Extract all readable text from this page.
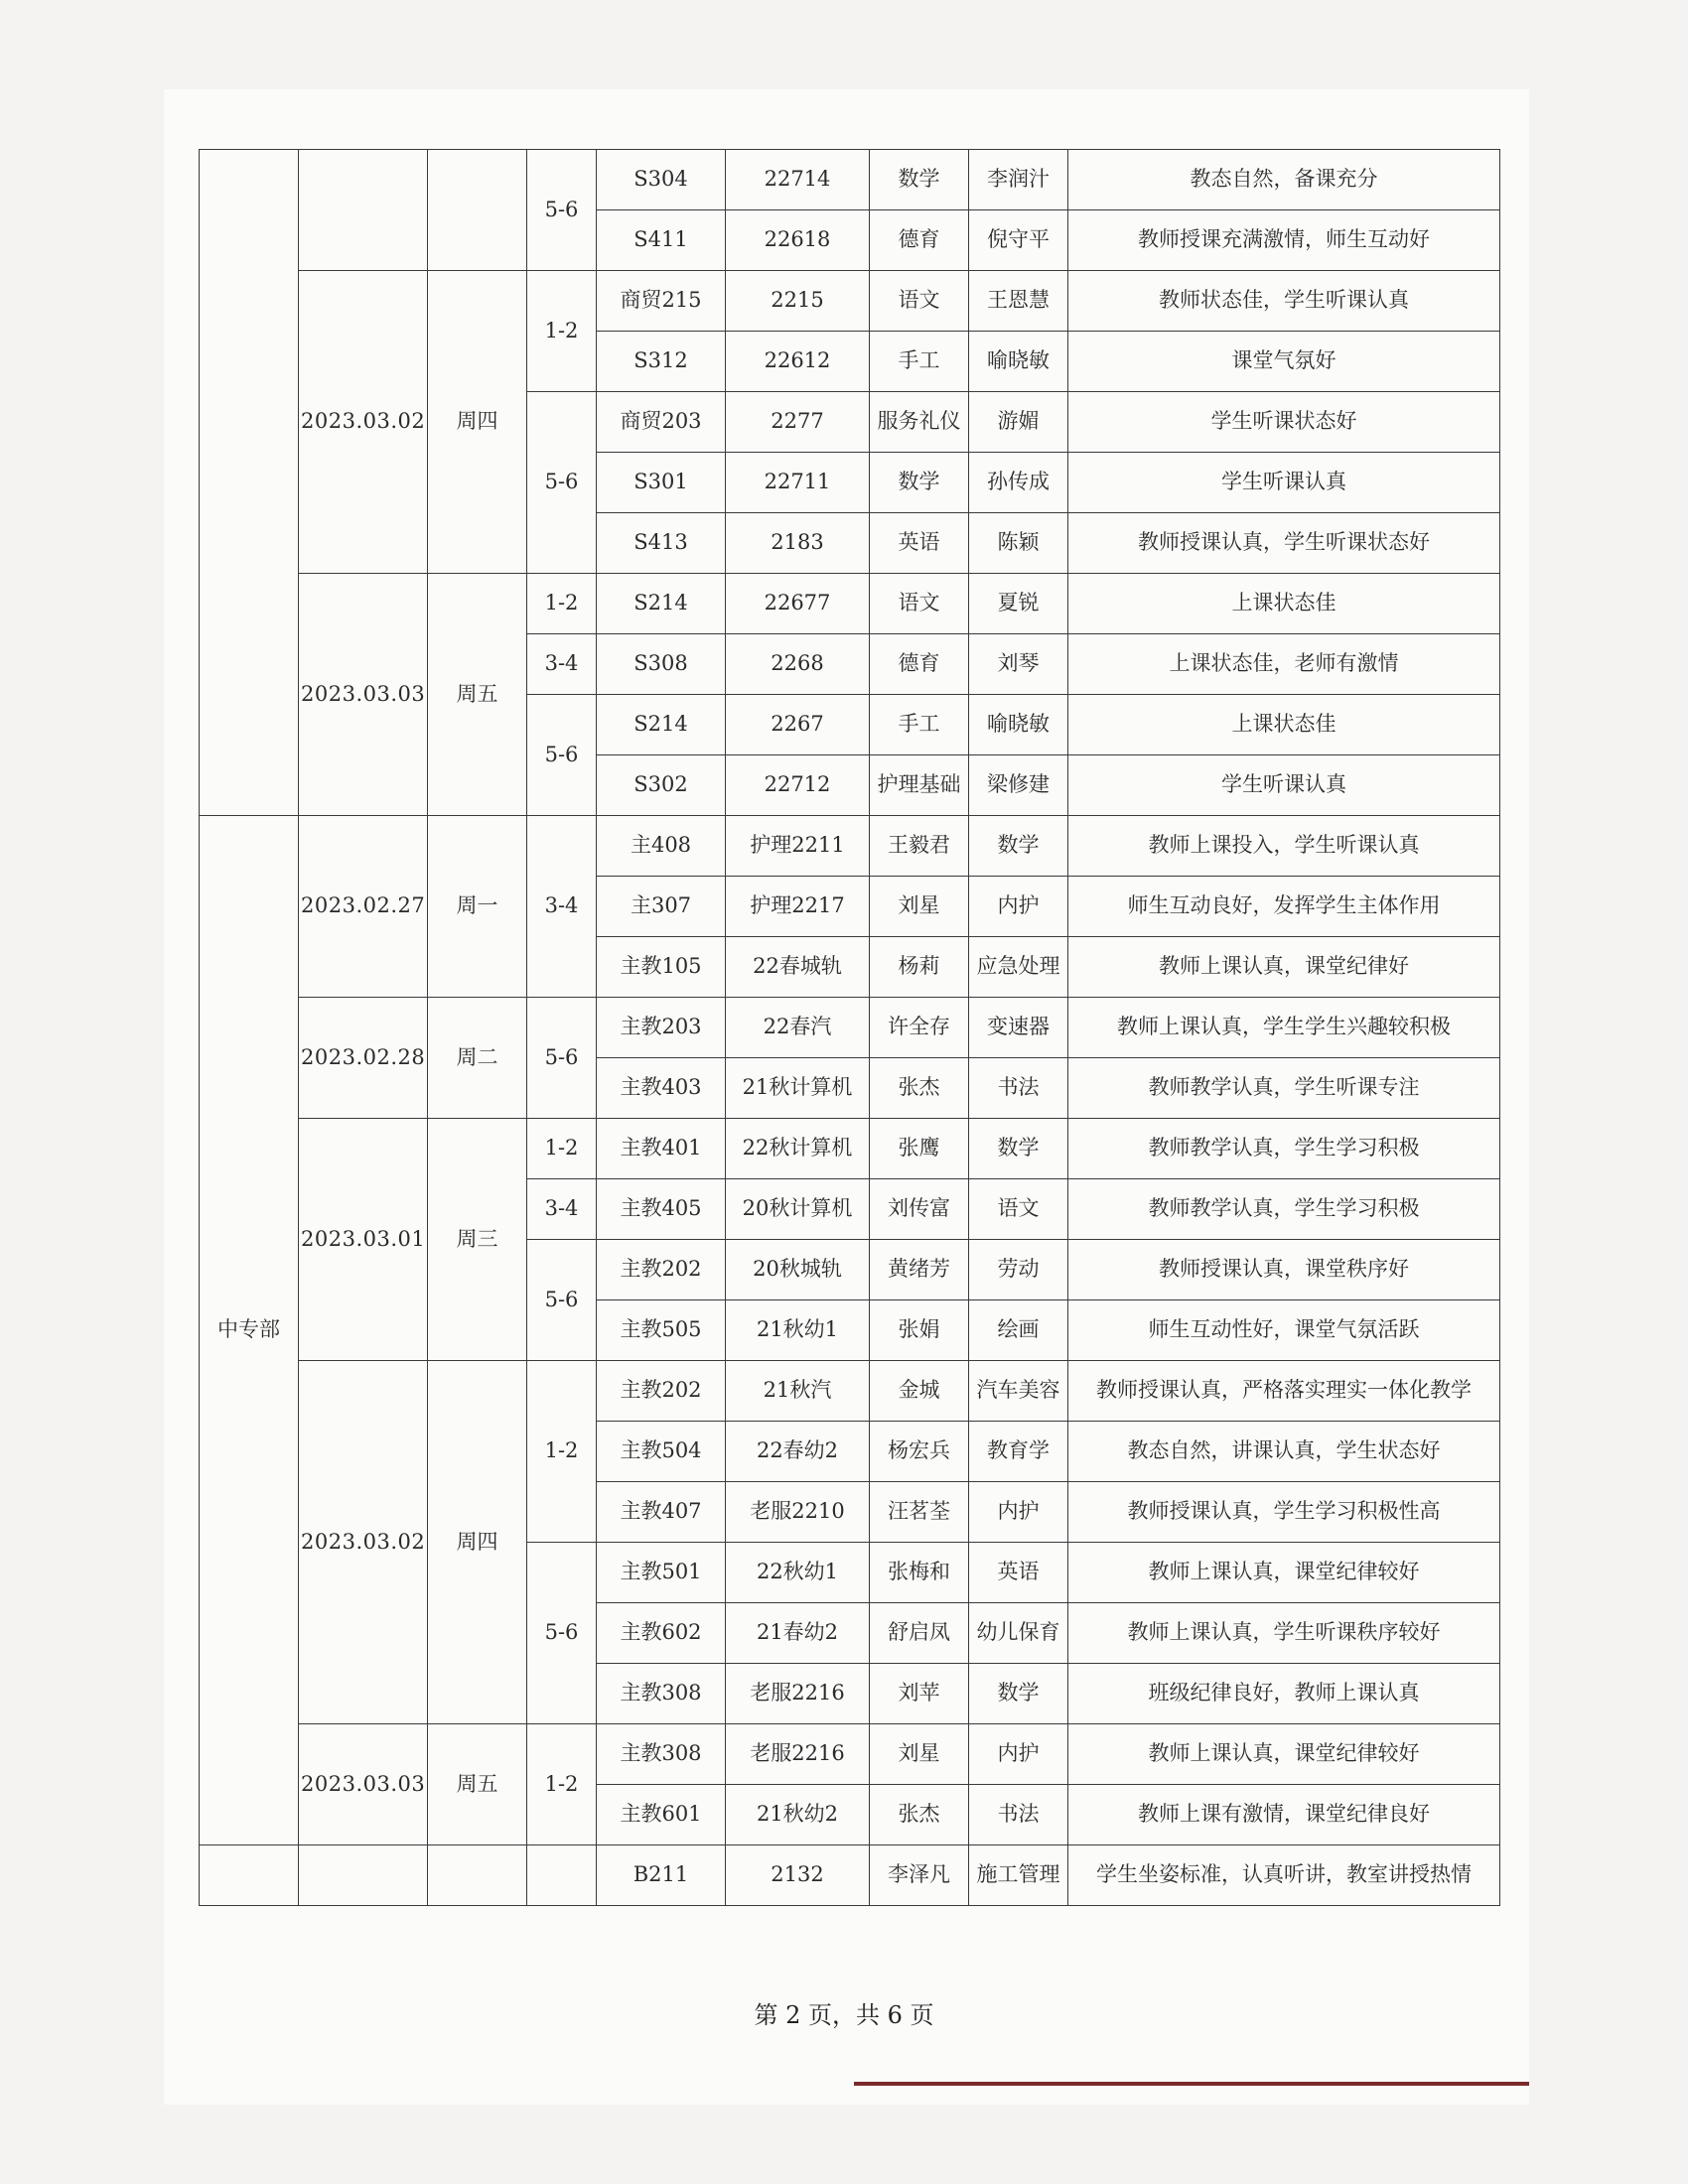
			5-6	S304	22714	数学	李润汁	教态自然，备课充分
				S411	22618	德育	倪守平	教师授课充满激情，师生互动好
	2023.03.02	周四	1-2	商贸215	2215	语文	王恩慧	教师状态佳，学生听课认真
				S312	22612	手工	喻晓敏	课堂气氛好
			5-6	商贸203	2277	服务礼仪	游媚	学生听课状态好
				S301	22711	数学	孙传成	学生听课认真
				S413	2183	英语	陈颖	教师授课认真，学生听课状态好
	2023.03.03	周五	1-2	S214	22677	语文	夏锐	上课状态佳
			3-4	S308	2268	德育	刘琴	上课状态佳，老师有激情
			5-6	S214	2267	手工	喻晓敏	上课状态佳
				S302	22712	护理基础	梁修建	学生听课认真
中专部	2023.02.27	周一	3-4	主408	护理2211	王毅君	数学	教师上课投入，学生听课认真
				主307	护理2217	刘星	内护	师生互动良好，发挥学生主体作用
				主教105	22春城轨	杨莉	应急处理	教师上课认真，课堂纪律好
	2023.02.28	周二	5-6	主教203	22春汽	许全存	变速器	教师上课认真，学生学生兴趣较积极
				主教403	21秋计算机	张杰	书法	教师教学认真，学生听课专注
	2023.03.01	周三	1-2	主教401	22秋计算机	张鹰	数学	教师教学认真，学生学习积极
			3-4	主教405	20秋计算机	刘传富	语文	教师教学认真，学生学习积极
			5-6	主教202	20秋城轨	黄绪芳	劳动	教师授课认真，课堂秩序好
				主教505	21秋幼1	张娟	绘画	师生互动性好，课堂气氛活跃
	2023.03.02	周四	1-2	主教202	21秋汽	金城	汽车美容	教师授课认真，严格落实理实一体化教学
				主教504	22春幼2	杨宏兵	教育学	教态自然，讲课认真，学生状态好
				主教407	老服2210	汪茗荃	内护	教师授课认真，学生学习积极性高
			5-6	主教501	22秋幼1	张梅和	英语	教师上课认真，课堂纪律较好
				主教602	21春幼2	舒启凤	幼儿保育	教师上课认真，学生听课秩序较好
				主教308	老服2216	刘苹	数学	班级纪律良好，教师上课认真
	2023.03.03	周五	1-2	主教308	老服2216	刘星	内护	教师上课认真，课堂纪律较好
				主教601	21秋幼2	张杰	书法	教师上课有激情，课堂纪律良好
				B211	2132	李泽凡	施工管理	学生坐姿标准，认真听讲，教室讲授热情
第 2 页，共 6 页
